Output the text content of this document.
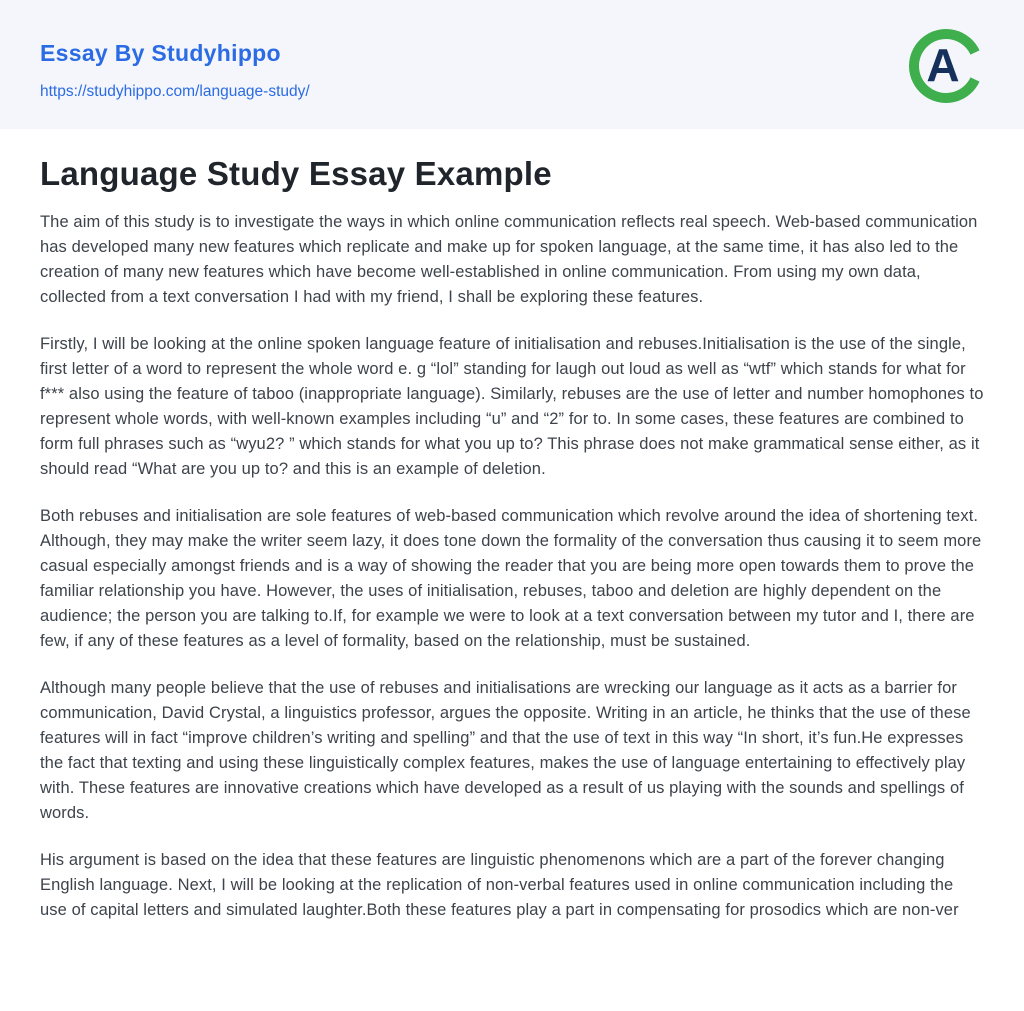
Essay By Studyhippo
https://studyhippo.com/language-study/
A
Language Study Essay Example

The aim of this study is to investigate the ways in which online communication reflects real speech. Web-based communication has developed many new features which replicate and make up for spoken language, at the same time, it has also led to the creation of many new features which have become well-established in online communication. From using my own data, collected from a text conversation I had with my friend, I shall be exploring these features.

Firstly, I will be looking at the online spoken language feature of initialisation and rebuses.Initialisation is the use of the single, first letter of a word to represent the whole word e. g “lol” standing for laugh out loud as well as “wtf” which stands for what for f*** also using the feature of taboo (inappropriate language). Similarly, rebuses are the use of letter and number homophones to represent whole words, with well-known examples including “u” and “2” for to. In some cases, these features are combined to form full phrases such as “wyu2? ” which stands for what you up to? This phrase does not make grammatical sense either, as it should read “What are you up to? and this is an example of deletion.

Both rebuses and initialisation are sole features of web-based communication which revolve around the idea of shortening text. Although, they may make the writer seem lazy, it does tone down the formality of the conversation thus causing it to seem more casual especially amongst friends and is a way of showing the reader that you are being more open towards them to prove the familiar relationship you have. However, the uses of initialisation, rebuses, taboo and deletion are highly dependent on the audience; the person you are talking to.If, for example we were to look at a text conversation between my tutor and I, there are few, if any of these features as a level of formality, based on the relationship, must be sustained.

Although many people believe that the use of rebuses and initialisations are wrecking our language as it acts as a barrier for communication, David Crystal, a linguistics professor, argues the opposite. Writing in an article, he thinks that the use of these features will in fact “improve children’s writing and spelling” and that the use of text in this way “In short, it’s fun.He expresses the fact that texting and using these linguistically complex features, makes the use of language entertaining to effectively play with. These features are innovative creations which have developed as a result of us playing with the sounds and spellings of words.

His argument is based on the idea that these features are linguistic phenomenons which are a part of the forever changing English language. Next, I will be looking at the replication of non-verbal features used in online communication including the use of capital letters and simulated laughter.Both these features play a part in compensating for prosodics which are non-ver
